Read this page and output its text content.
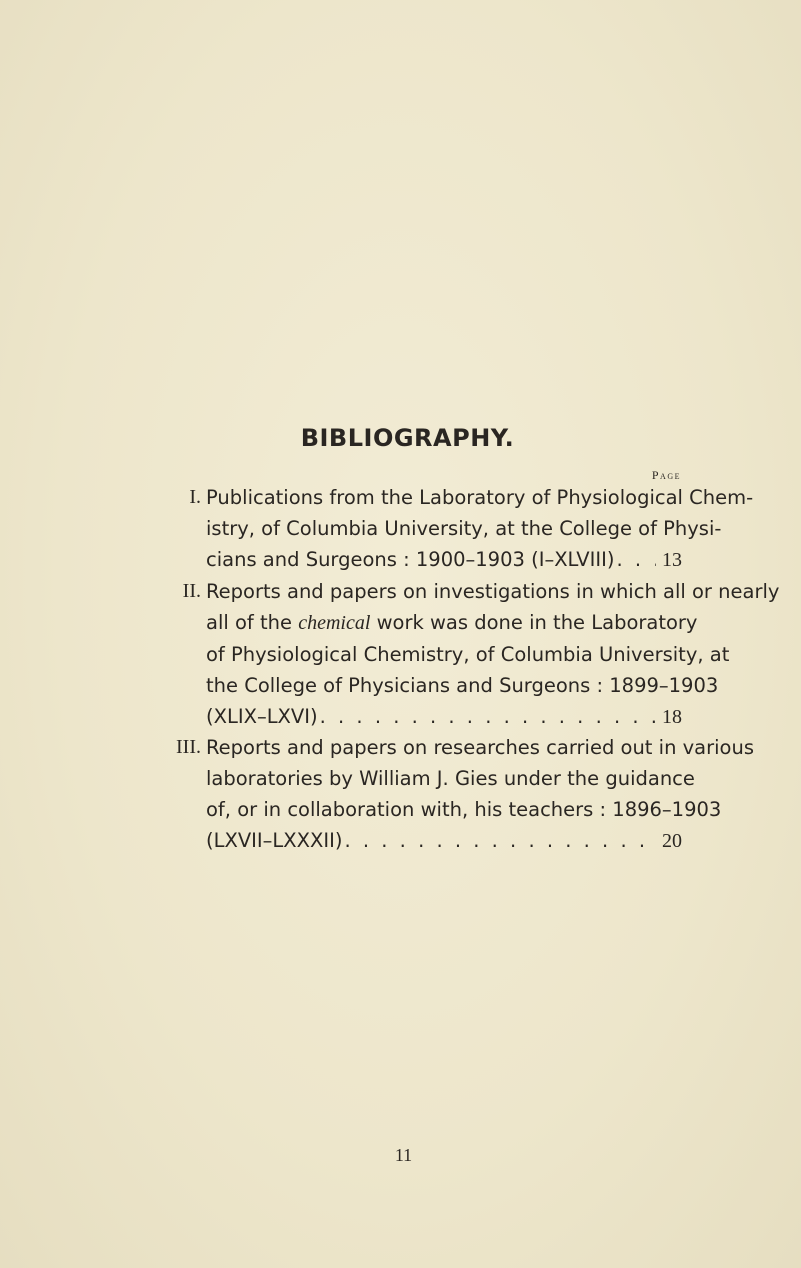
BIBLIOGRAPHY.
Page
I. Publications from the Laboratory of Physiological Chem-
istry, of Columbia University, at the College of Physi-
cians and Surgeons : 1900–1903 (I–XLVIII) . . . 13
II. Reports and papers on investigations in which all or nearly
all of the chemical work was done in the Laboratory
of Physiological Chemistry, of Columbia University, at
the College of Physicians and Surgeons : 1899–1903
(XLIX–LXVI) . . .	18
III. Reports and papers on researches carried out in various
laboratories by William J. Gies under the guidance
of, or in collaboration with, his teachers : 1896–1903
(LXVII–LXXXII) . . .	20
11
